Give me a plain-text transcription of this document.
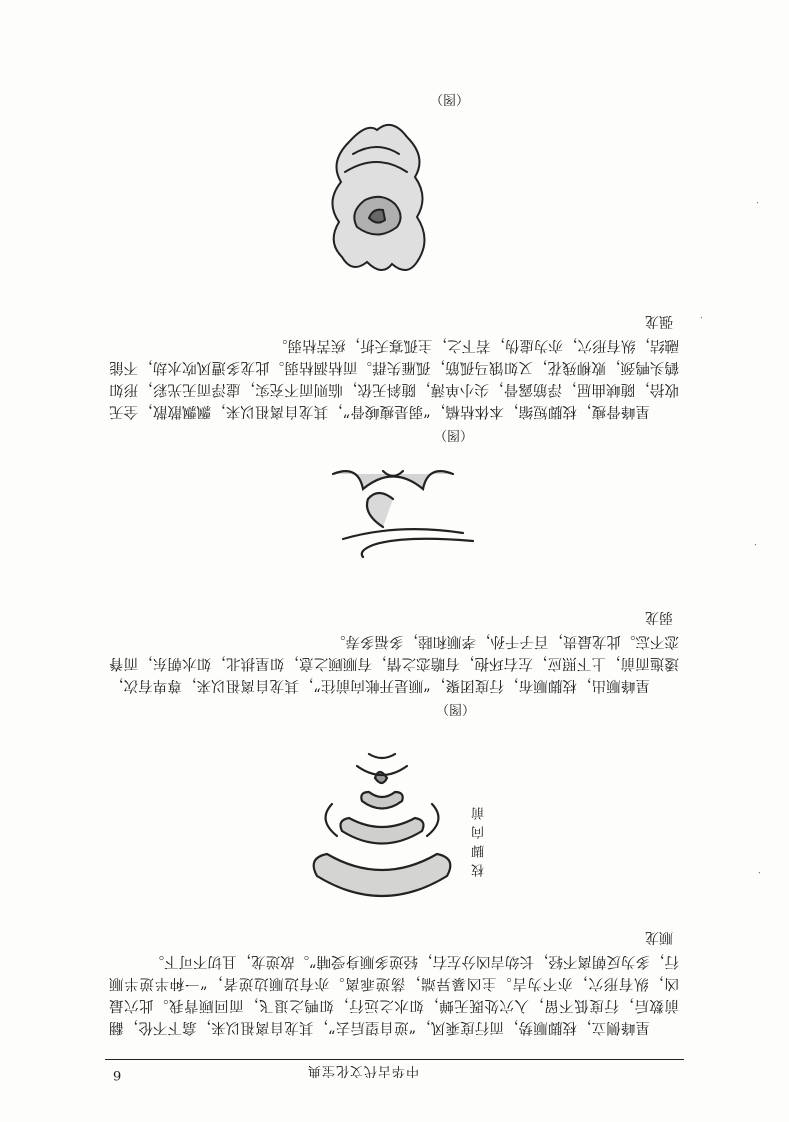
中华古代文化宝典
6

星峰侧立，枝脚顺势，而行度乘风，“逆自望后去”，其龙自离祖以来，翕下不伦，翻前数后，行度低不留，入穴处既无蝉，如水之远行，如鸭之退飞，而回顾背我。此穴最凶，纵有形穴，亦不为吉。主凶暴异端，荡逆乖离。亦有边顺边逆者，“一种半逆半顺行，多为反朝离不轻，长幼吉凶分左右，轻逆多顺身受哺”。故逆龙，且切不可下。

顺龙
枝脚向前
（图）

星峰顺出，枝脚顺布，行度团聚，“顺是开帐向前往”，其龙自离祖以来，尊卑有次，逶迤而前，上下照应，左右环抱，有瞻恋之情，有顺顾之意，如星拱北，如水朝东，而脊恋不忘。此龙最贵，百子千孙，孝顺和睦，多福多寿。

弱龙
（图）

星峰骨瘦，枝脚短缩，本体枯槁，“弱是瘦峻骨”，其龙自离祖以来，飘飘散散，全无收拾，随峡曲屈，浮筋露骨，尖小单薄，随斜无依，临则而不充实，虚浮而无光彩，形如鹤头鸭颈，败柳残花，又如饿马孤筋，孤雁失群。而枯涸枯弱。此龙多遭风吹水劫，不能融结，纵有形穴，亦为虚伪，若下之，主孤寡夭折，疾苦枯弱。

强龙
（图）
·
·
·
·
